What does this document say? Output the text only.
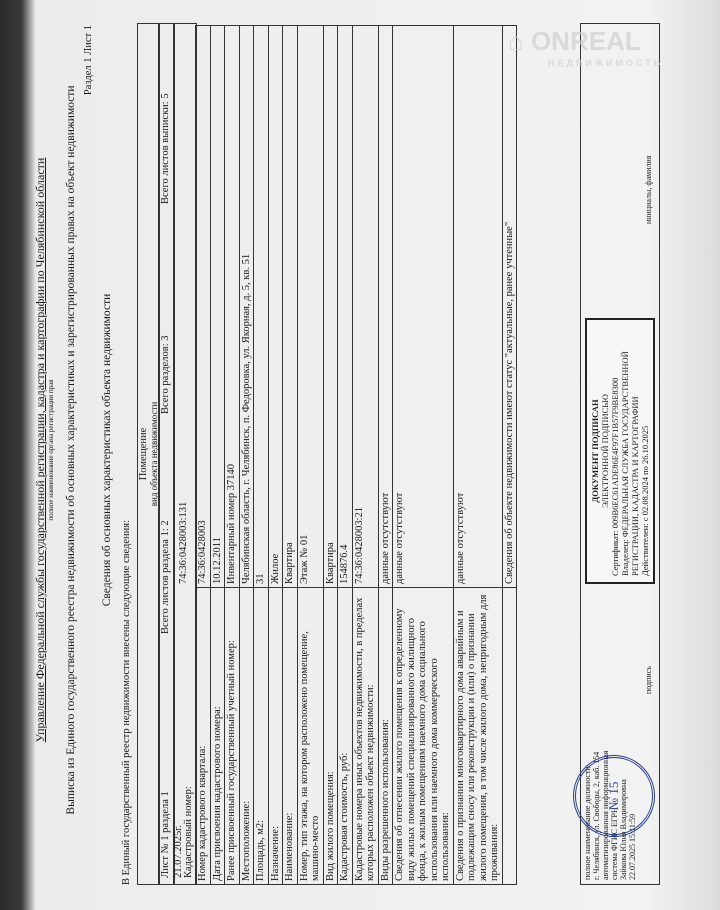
Управление Федеральной службы государственной регистрации, кадастра и картографии по Челябинской области полное наименование органа регистрации прав Выписка из Единого государственного реестра недвижимости об основных характеристиках и зарегистрированных правах на объект недвижимости
Раздел 1 Лист 1
Сведения об основных характеристиках объекта недвижимости
В Единый государственный реестр недвижимости внесены следующие сведения:
Помещение вид объекта недвижимости
Лист № 1 раздела 1
Всего листов раздела 1: 2
Всего разделов: 3
Всего листов выписки: 5
21.07.2025г. Кадастровый номер:
74:36:0428003:131
Номер кадастрового квартала:	74:36:0428003
Дата присвоения кадастрового номера:	10.12.2011
Ранее присвоенный государственный учетный номер:	Инвентарный номер 37140
Местоположение:	Челябинская область, г. Челябинск, п. Федоровка, ул. Якорная, д. 5, кв. 51
Площадь, м2:	31
Назначение:	Жилое
Наименование:	Квартира
Номер, тип этажа, на котором расположено помещение, машино-место	Этаж № 01
Вид жилого помещения:	Квартира
Кадастровая стоимость, руб:	154876.4
Кадастровые номера иных объектов недвижимости, в пределах которых расположен объект недвижимости:	74:36:0428003:21
Виды разрешенного использования:	данные отсутствуют
Сведения об отнесении жилого помещения к определенному виду жилых помещений специализированного жилищного фонда, к жилым помещениям наемного дома социального использования или наемного дома коммерческого использования:	данные отсутствуют
Сведения о признании многоквартирного дома аварийным и подлежащим сносу или реконструкции и (или) о признании жилого помещения, в том числе жилого дома, непригодным для проживания:	данные отсутствуют
	Сведения об объекте недвижимости имеют статус "актуальные, ранее учтенные"
полное наименование должности г. Челябинск, ул. Свободы, 2, каб. 154 автоматизированная информационная система ФГИС ЕГРН Зайкова Юлия Владимировна 22.07.2025 15:11:59
подпись
ДОКУМЕНТ ПОДПИСАН ЭЛЕКТРОННОЙ ПОДПИСЬЮ Сертификат: 009B6EC61ADE86E4F97F1B57F9BE8300 Владелец: ФЕДЕРАЛЬНАЯ СЛУЖБА ГОСУДАРСТВЕННОЙ РЕГИСТРАЦИИ, КАДАСТРА И КАРТОГРАФИИ Действителен: с 02.08.2024 по 26.10.2025
инициалы, фамилия
№ 15
⌂ ONREAL
НЕДВИЖИМОСТЬ
